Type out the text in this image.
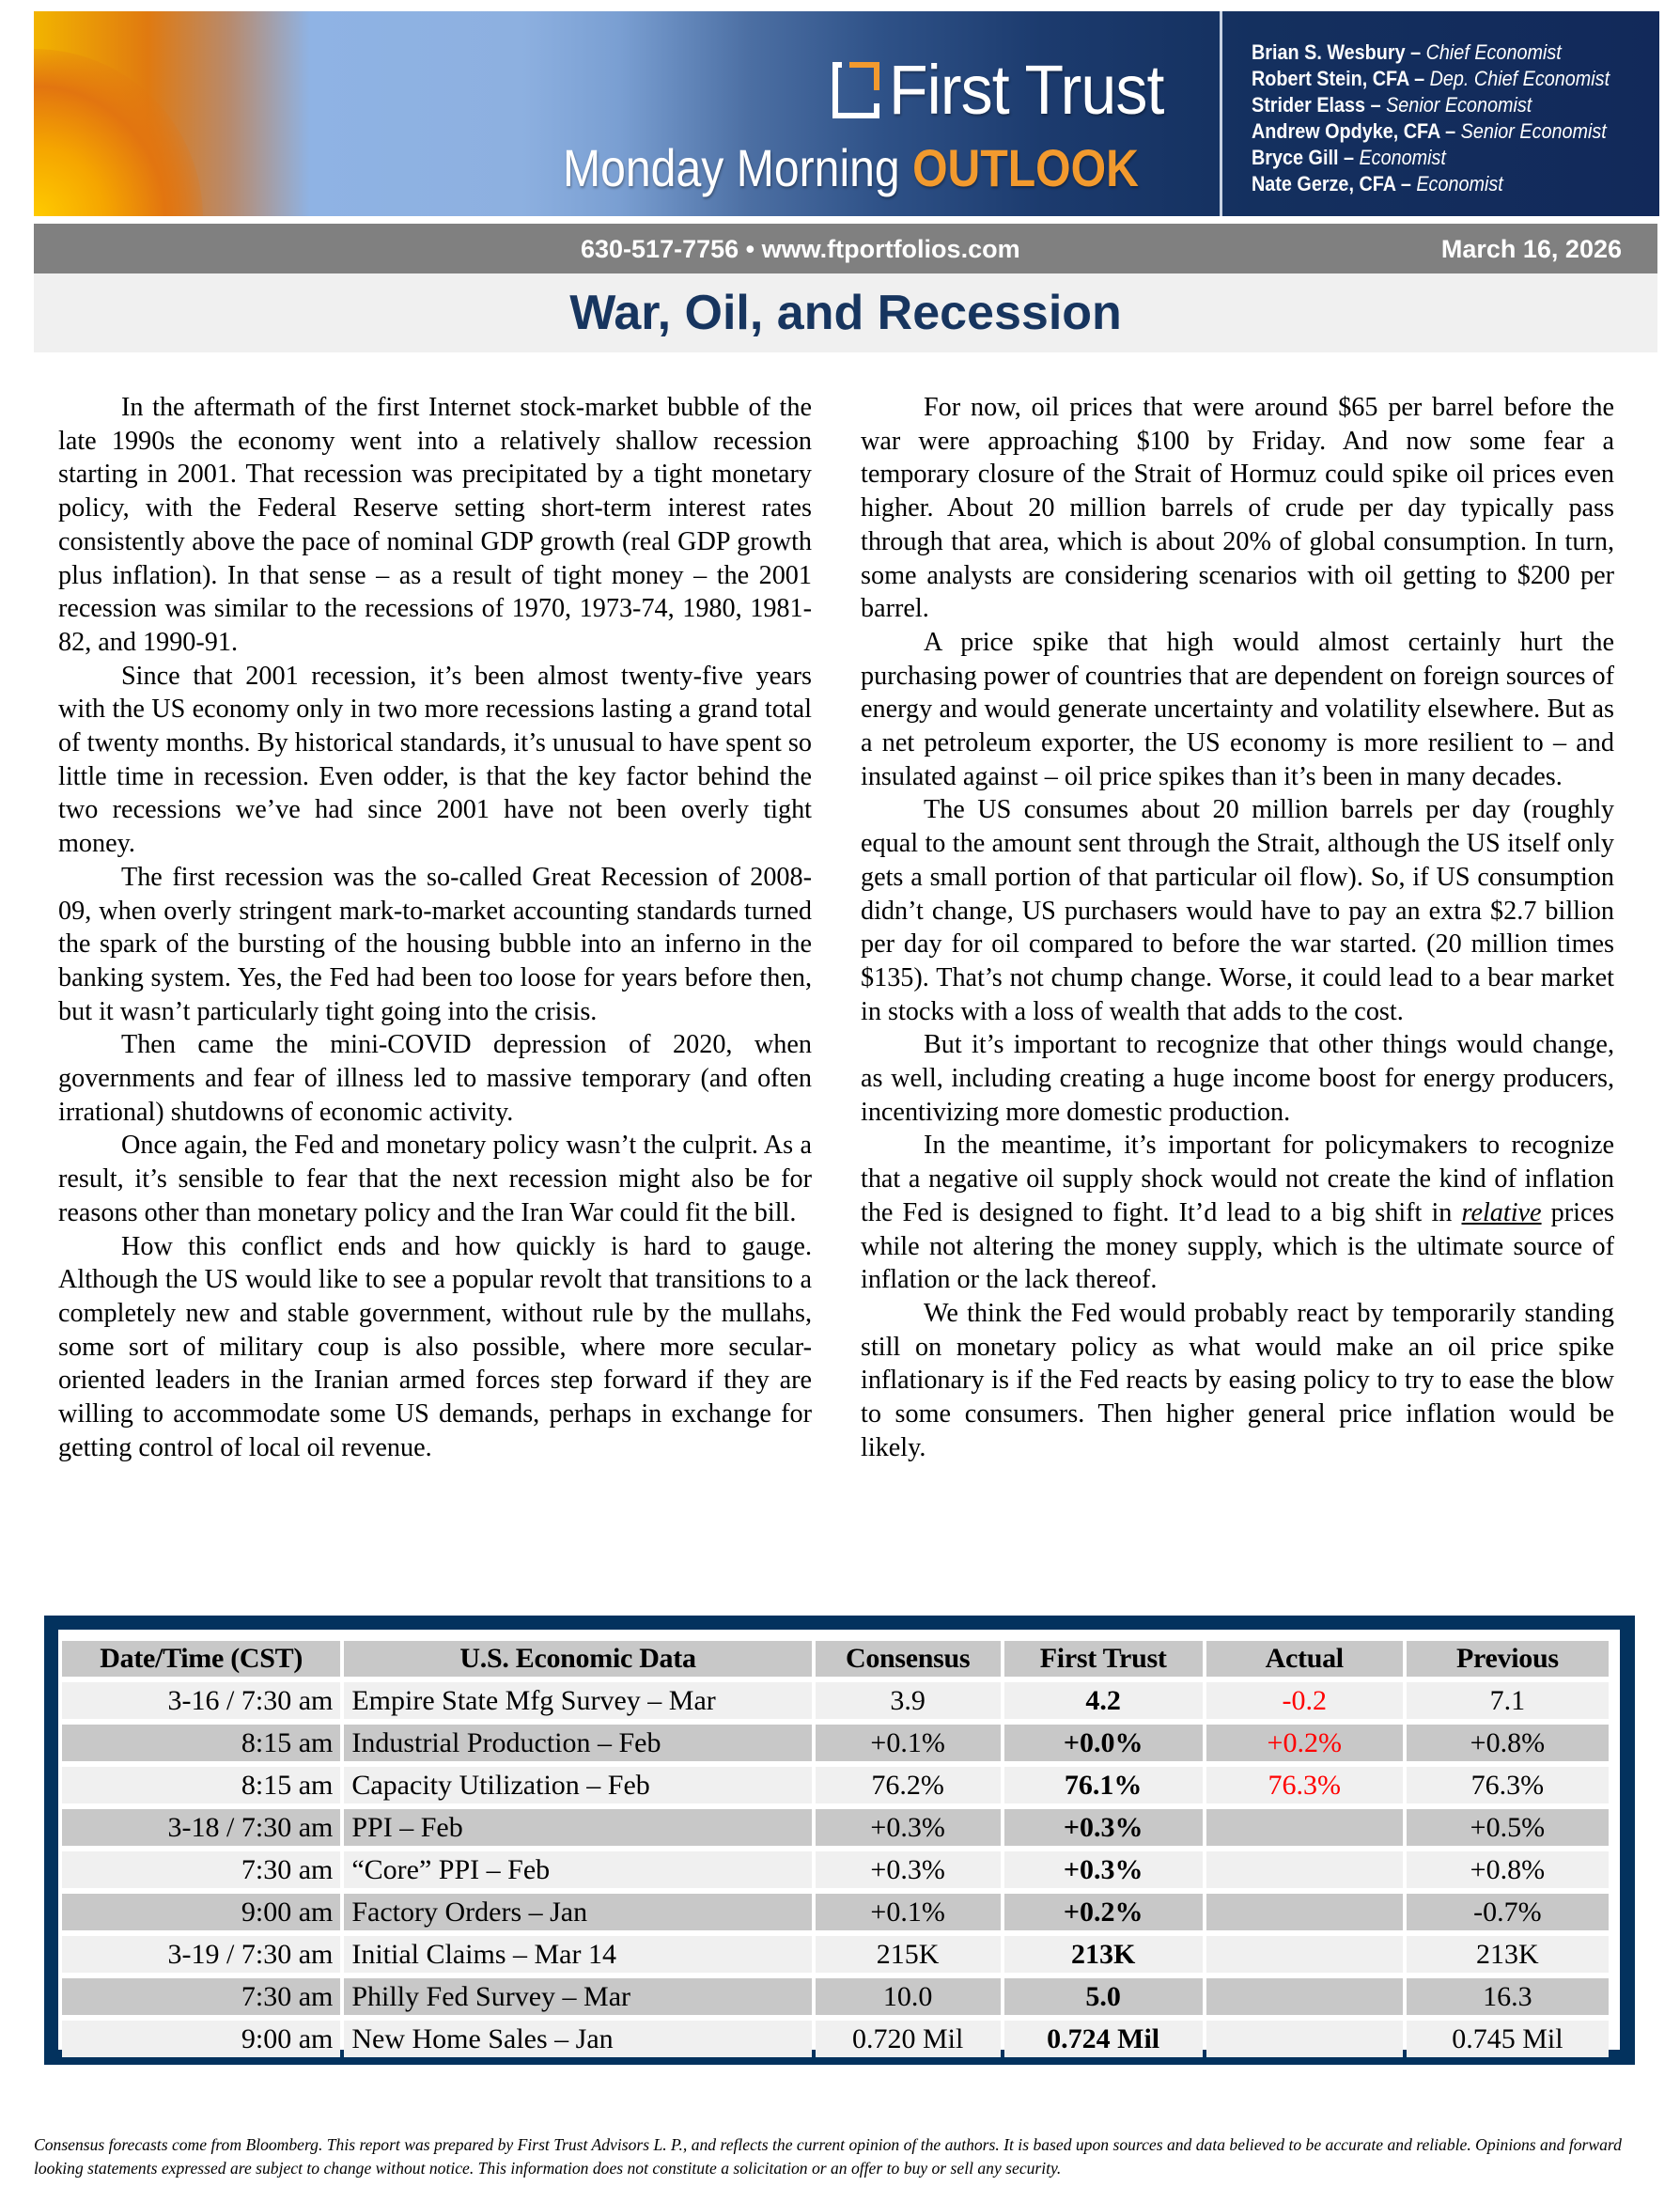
First Trust
Monday Morning OUTLOOK
Brian S. Wesbury – Chief Economist
Robert Stein, CFA – Dep. Chief Economist
Strider Elass – Senior Economist
Andrew Opdyke, CFA – Senior Economist
Bryce Gill – Economist
Nate Gerze, CFA – Economist
630-517-7756 • www.ftportfolios.com	March 16, 2026
War, Oil, and Recession

In the aftermath of the first Internet stock-market bubble of the late 1990s the economy went into a relatively shallow recession starting in 2001. That recession was precipitated by a tight monetary policy, with the Federal Reserve setting short-term interest rates consistently above the pace of nominal GDP growth (real GDP growth plus inflation). In that sense – as a result of tight money – the 2001 recession was similar to the recessions of 1970, 1973-74, 1980, 1981-82, and 1990-91.

Since that 2001 recession, it’s been almost twenty-five years with the US economy only in two more recessions lasting a grand total of twenty months. By historical standards, it’s unusual to have spent so little time in recession. Even odder, is that the key factor behind the two recessions we’ve had since 2001 have not been overly tight money.

The first recession was the so-called Great Recession of 2008-09, when overly stringent mark-to-market accounting standards turned the spark of the bursting of the housing bubble into an inferno in the banking system. Yes, the Fed had been too loose for years before then, but it wasn’t particularly tight going into the crisis.

Then came the mini-COVID depression of 2020, when governments and fear of illness led to massive temporary (and often irrational) shutdowns of economic activity.

Once again, the Fed and monetary policy wasn’t the culprit. As a result, it’s sensible to fear that the next recession might also be for reasons other than monetary policy and the Iran War could fit the bill.

How this conflict ends and how quickly is hard to gauge. Although the US would like to see a popular revolt that transitions to a completely new and stable government, without rule by the mullahs, some sort of military coup is also possible, where more secular-oriented leaders in the Iranian armed forces step forward if they are willing to accommodate some US demands, perhaps in exchange for getting control of local oil revenue.

For now, oil prices that were around $65 per barrel before the war were approaching $100 by Friday. And now some fear a temporary closure of the Strait of Hormuz could spike oil prices even higher. About 20 million barrels of crude per day typically pass through that area, which is about 20% of global consumption. In turn, some analysts are considering scenarios with oil getting to $200 per barrel.

A price spike that high would almost certainly hurt the purchasing power of countries that are dependent on foreign sources of energy and would generate uncertainty and volatility elsewhere. But as a net petroleum exporter, the US economy is more resilient to – and insulated against – oil price spikes than it’s been in many decades.

The US consumes about 20 million barrels per day (roughly equal to the amount sent through the Strait, although the US itself only gets a small portion of that particular oil flow). So, if US consumption didn’t change, US purchasers would have to pay an extra $2.7 billion per day for oil compared to before the war started. (20 million times $135). That’s not chump change. Worse, it could lead to a bear market in stocks with a loss of wealth that adds to the cost.

But it’s important to recognize that other things would change, as well, including creating a huge income boost for energy producers, incentivizing more domestic production.

In the meantime, it’s important for policymakers to recognize that a negative oil supply shock would not create the kind of inflation the Fed is designed to fight. It’d lead to a big shift in relative prices while not altering the money supply, which is the ultimate source of inflation or the lack thereof.

We think the Fed would probably react by temporarily standing still on monetary policy as what would make an oil price spike inflationary is if the Fed reacts by easing policy to try to ease the blow to some consumers. Then higher general price inflation would be likely.

Date/Time (CST)	U.S. Economic Data	Consensus	First Trust	Actual	Previous
3-16 / 7:30 am	Empire State Mfg Survey – Mar	3.9	4.2	-0.2	7.1
8:15 am	Industrial Production – Feb	+0.1%	+0.0%	+0.2%	+0.8%
8:15 am	Capacity Utilization – Feb	76.2%	76.1%	76.3%	76.3%
3-18 / 7:30 am	PPI – Feb	+0.3%	+0.3%		+0.5%
7:30 am	“Core” PPI – Feb	+0.3%	+0.3%		+0.8%
9:00 am	Factory Orders – Jan	+0.1%	+0.2%		-0.7%
3-19 / 7:30 am	Initial Claims – Mar 14	215K	213K		213K
7:30 am	Philly Fed Survey – Mar	10.0	5.0		16.3
9:00 am	New Home Sales – Jan	0.720 Mil	0.724 Mil		0.745 Mil
Consensus forecasts come from Bloomberg. This report was prepared by First Trust Advisors L. P., and reflects the current opinion of the authors. It is based upon sources and data believed to be accurate and reliable. Opinions and forward looking statements expressed are subject to change without notice. This information does not constitute a solicitation or an offer to buy or sell any security.
